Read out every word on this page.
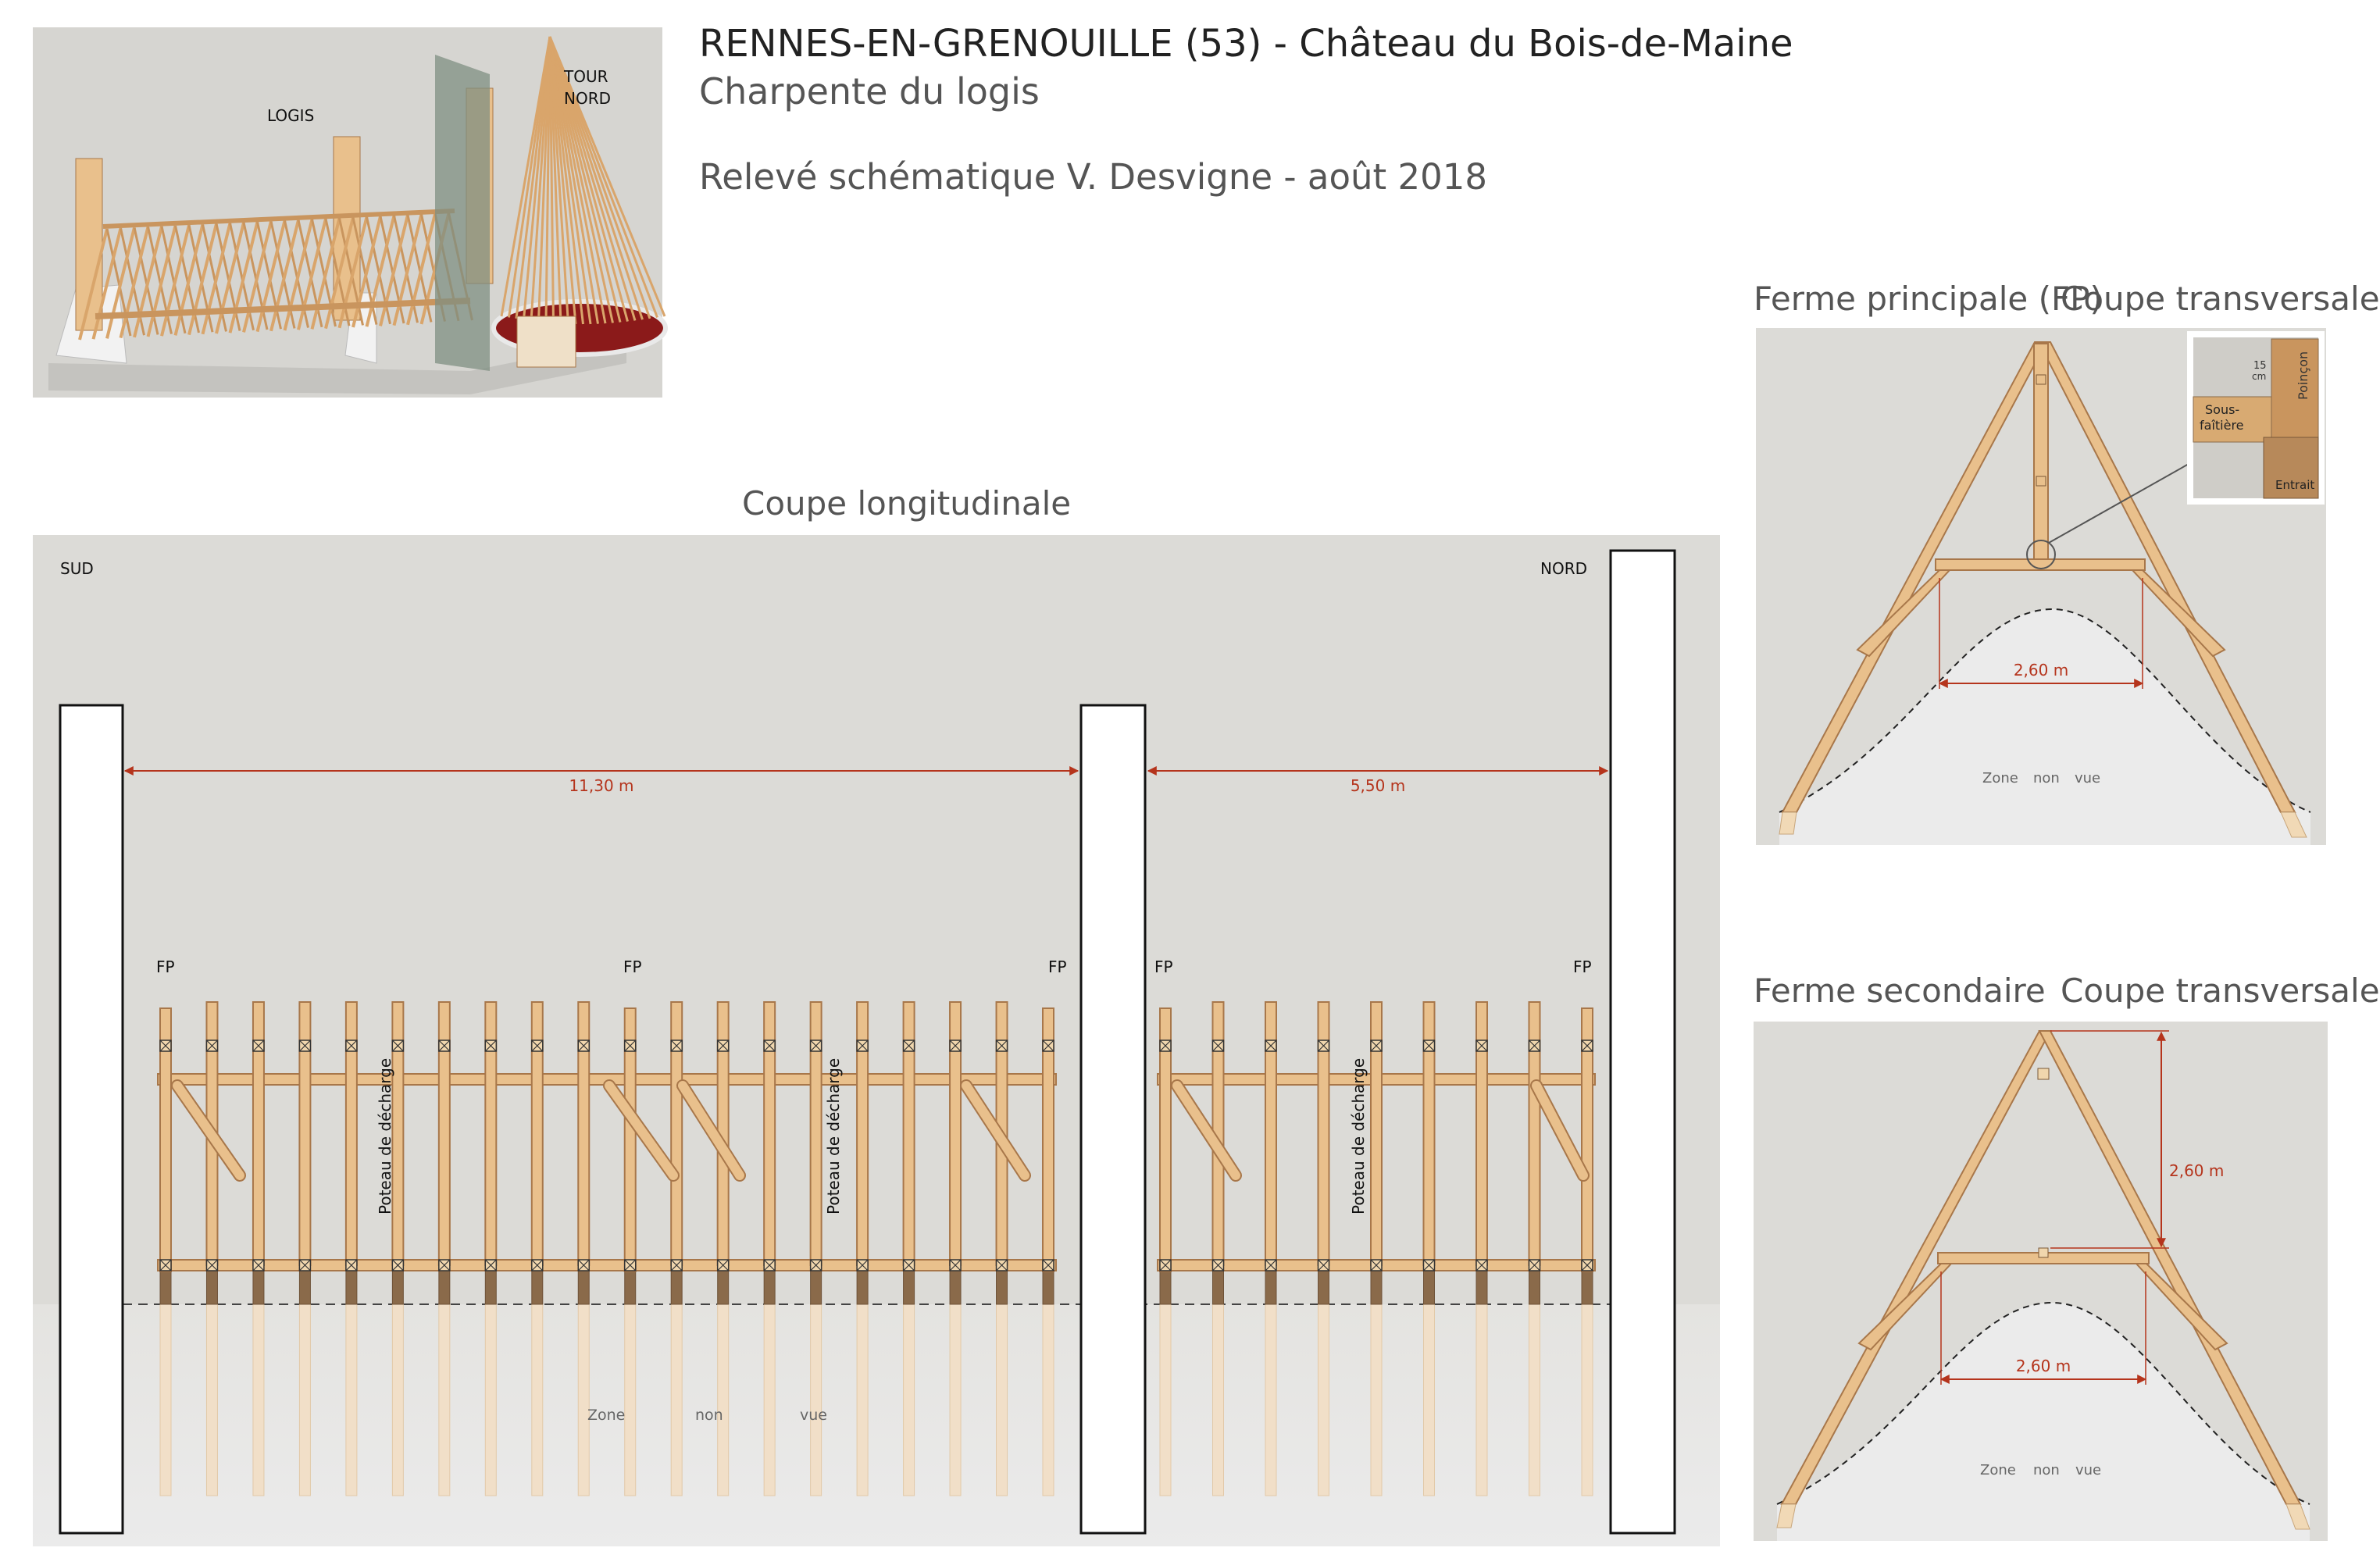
RENNES-EN-GRENOUILLE (53) - Château du Bois-de-Maine
Charpente du logis
Relevé schématique V. Desvigne - août 2018
LOGIS
TOUR
NORD
Coupe longitudinale
SUD	NORD
11,30 m	5,50 m
FP	FP	FP	FP	FP
Poteau de décharge	Poteau de décharge	Poteau de décharge
Zone	non	vue
Ferme principale (FP)
Coupe transversale
2,60 m
Zone non vue
Poinçon
15
cm
Sous-
faîtière
Entrait
Ferme secondaire Coupe transversale
2,60 m
2,60 m
Zone non vue
